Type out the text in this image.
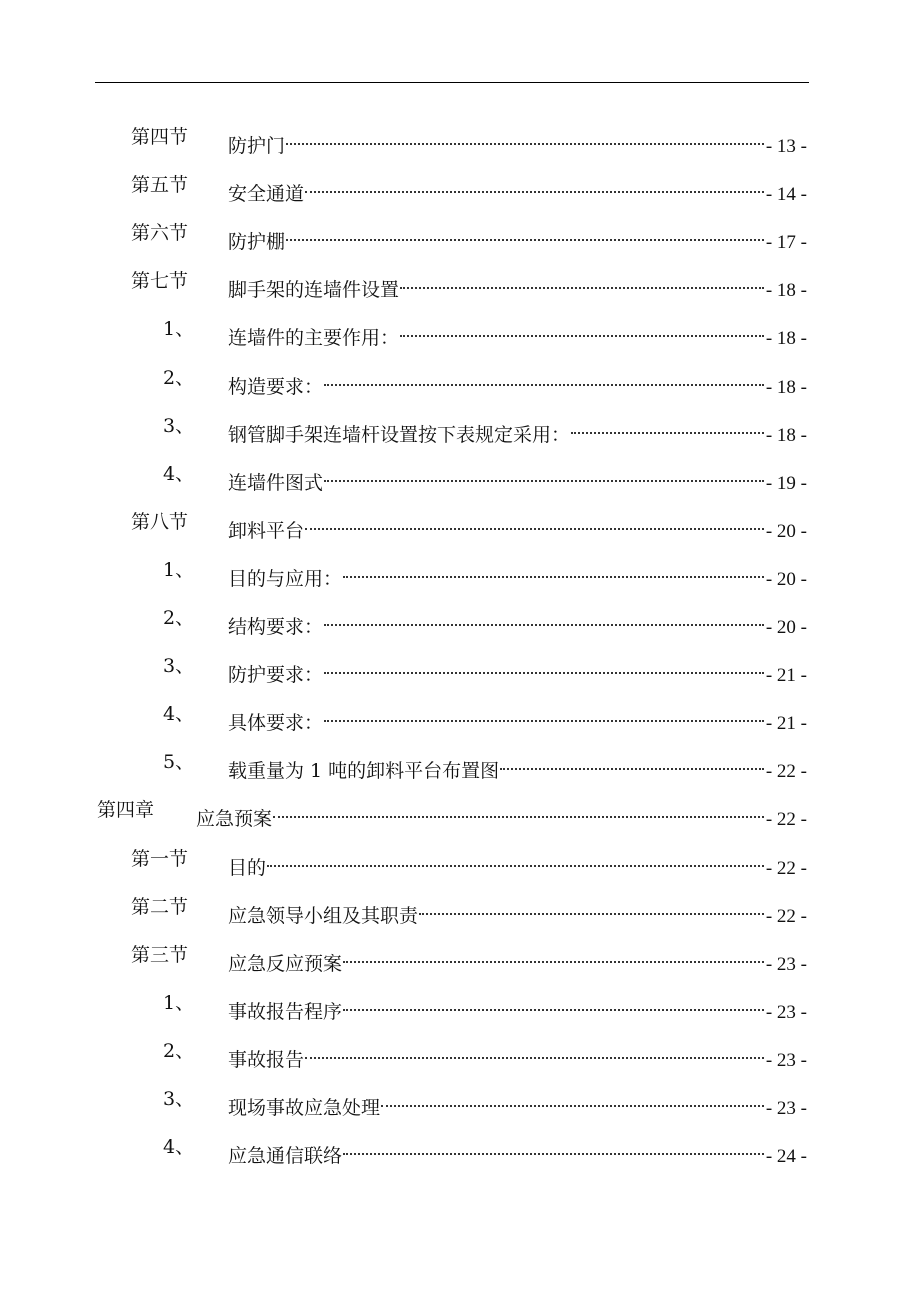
第四节 防护门	- 13 -
第五节 安全通道	- 14 -
第六节 防护棚	- 17 -
第七节 脚手架的连墙件设置	- 18 -
1、 连墙件的主要作用：	- 18 -
2、 构造要求：	- 18 -
3、 钢管脚手架连墙杆设置按下表规定采用：	- 18 -
4、 连墙件图式	- 19 -
第八节 卸料平台	- 20 -
1、 目的与应用：	- 20 -
2、 结构要求：	- 20 -
3、 防护要求：	- 21 -
4、 具体要求：	- 21 -
5、 载重量为 1 吨的卸料平台布置图	- 22 -
第四章 应急预案	- 22 -
第一节 目的	- 22 -
第二节 应急领导小组及其职责	- 22 -
第三节 应急反应预案	- 23 -
1、 事故报告程序	- 23 -
2、 事故报告	- 23 -
3、 现场事故应急处理	- 23 -
4、 应急通信联络	- 24 -
